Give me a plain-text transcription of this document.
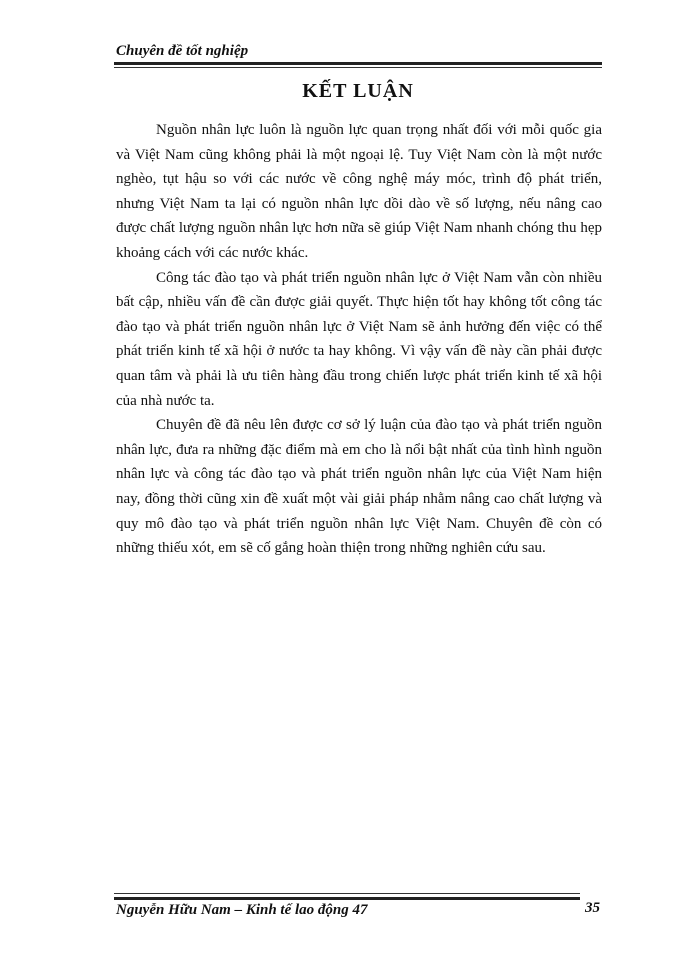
Chuyên đề tốt nghiệp
KẾT LUẬN

Nguồn nhân lực luôn là nguồn lực quan trọng nhất đối với mỗi quốc gia và Việt Nam cũng không phải là một ngoại lệ. Tuy Việt Nam còn là một nước nghèo, tụt hậu so với các nước về công nghệ máy móc, trình độ phát triển, nhưng Việt Nam ta lại có nguồn nhân lực dồi dào về số lượng, nếu nâng cao được chất lượng nguồn nhân lực hơn nữa sẽ giúp Việt Nam nhanh chóng thu hẹp khoảng cách với các nước khác.

Công tác đào tạo và phát triển nguồn nhân lực ở Việt Nam vẫn còn nhiều bất cập, nhiều vấn đề cần được giải quyết. Thực hiện tốt hay không tốt công tác đào tạo và phát triển nguồn nhân lực ở Việt Nam sẽ ảnh hưởng đến việc có thể phát triển kinh tế xã hội ở nước ta hay không. Vì vậy vấn đề này cần phải được quan tâm và phải là ưu tiên hàng đầu trong chiến lược phát triển kinh tế xã hội của nhà nước ta.

Chuyên đề đã nêu lên được cơ sở lý luận của đào tạo và phát triển nguồn nhân lực, đưa ra những đặc điểm mà em cho là nổi bật nhất của tình hình nguồn nhân lực và công tác đào tạo và phát triển nguồn nhân lực của Việt Nam hiện nay, đồng thời cũng xin đề xuất một vài giải pháp nhằm nâng cao chất lượng và quy mô đào tạo và phát triển nguồn nhân lực Việt Nam. Chuyên đề còn có những thiếu xót, em sẽ cố gắng hoàn thiện trong những nghiên cứu sau.

Nguyễn Hữu Nam – Kinh tế lao động 47	35
